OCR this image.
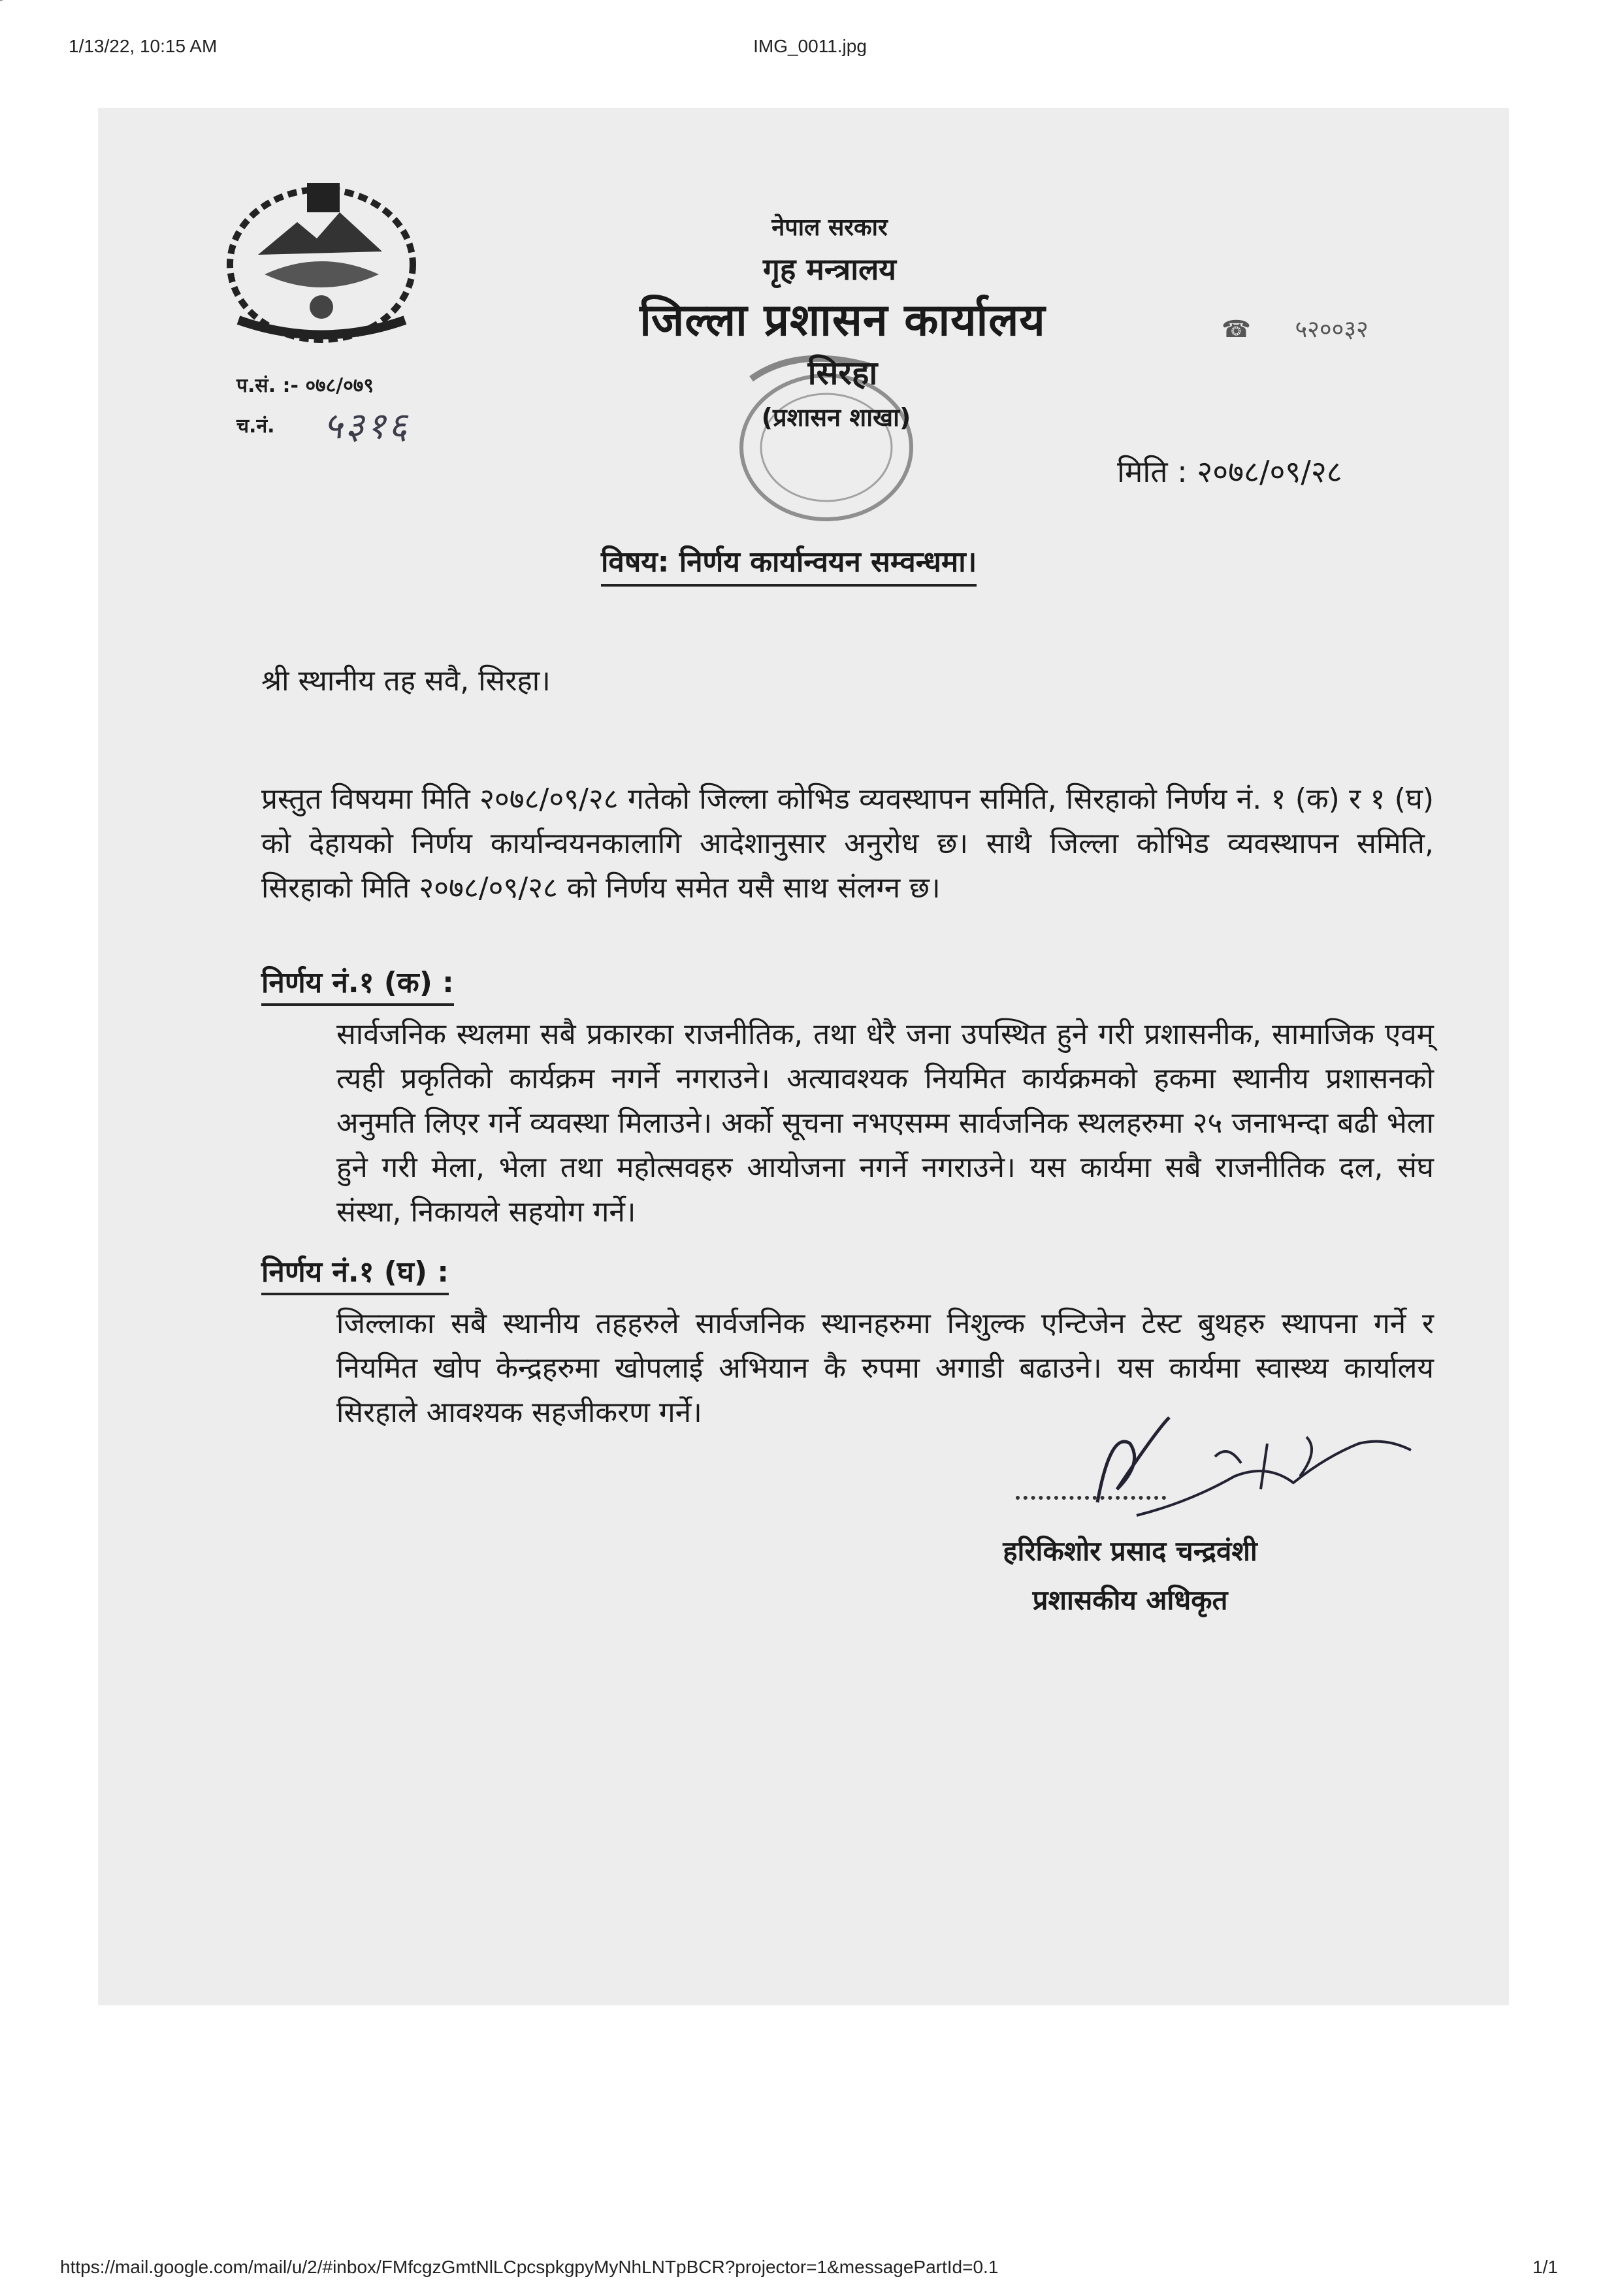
1/13/22, 10:15 AM	IMG_0011.jpg
प.सं. :- ०७८/०७९
च.नं.	५३१६
नेपाल सरकार
गृह मन्त्रालय
जिल्ला प्रशासन कार्यालय
सिरहा
(प्रशासन शाखा)
☎ ५२००३२
मिति : २०७८/०९/२८
विषय: निर्णय कार्यान्वयन सम्वन्धमा।
श्री स्थानीय तह सवै, सिरहा।

प्रस्तुत विषयमा मिति २०७८/०९/२८ गतेको जिल्ला कोभिड व्यवस्थापन समिति, सिरहाको निर्णय नं. १ (क) र १ (घ) को देहायको निर्णय कार्यान्वयनकालागि आदेशानुसार अनुरोध छ। साथै जिल्ला कोभिड व्यवस्थापन समिति, सिरहाको मिति २०७८/०९/२८ को निर्णय समेत यसै साथ संलग्न छ।

निर्णय नं.१ (क) :

सार्वजनिक स्थलमा सबै प्रकारका राजनीतिक, तथा धेरै जना उपस्थित हुने गरी प्रशासनीक, सामाजिक एवम् त्यही प्रकृतिको कार्यक्रम नगर्ने नगराउने। अत्यावश्यक नियमित कार्यक्रमको हकमा स्थानीय प्रशासनको अनुमति लिएर गर्ने व्यवस्था मिलाउने। अर्को सूचना नभएसम्म सार्वजनिक स्थलहरुमा २५ जनाभन्दा बढी भेला हुने गरी मेला, भेला तथा महोत्सवहरु आयोजना नगर्ने नगराउने। यस कार्यमा सबै राजनीतिक दल, संघ संस्था, निकायले सहयोग गर्ने।

निर्णय नं.१ (घ) :

जिल्लाका सबै स्थानीय तहहरुले सार्वजनिक स्थानहरुमा निशुल्क एन्टिजेन टेस्ट बुथहरु स्थापना गर्ने र नियमित खोप केन्द्रहरुमा खोपलाई अभियान कै रुपमा अगाडी बढाउने। यस कार्यमा स्वास्थ्य कार्यालय सिरहाले आवश्यक सहजीकरण गर्ने।

हरिकिशोर प्रसाद चन्द्रवंशी
प्रशासकीय अधिकृत
https://mail.google.com/mail/u/2/#inbox/FMfcgzGmtNlLCpcspkgpyMyNhLNTpBCR?projector=1&messagePartId=0.1	1/1
